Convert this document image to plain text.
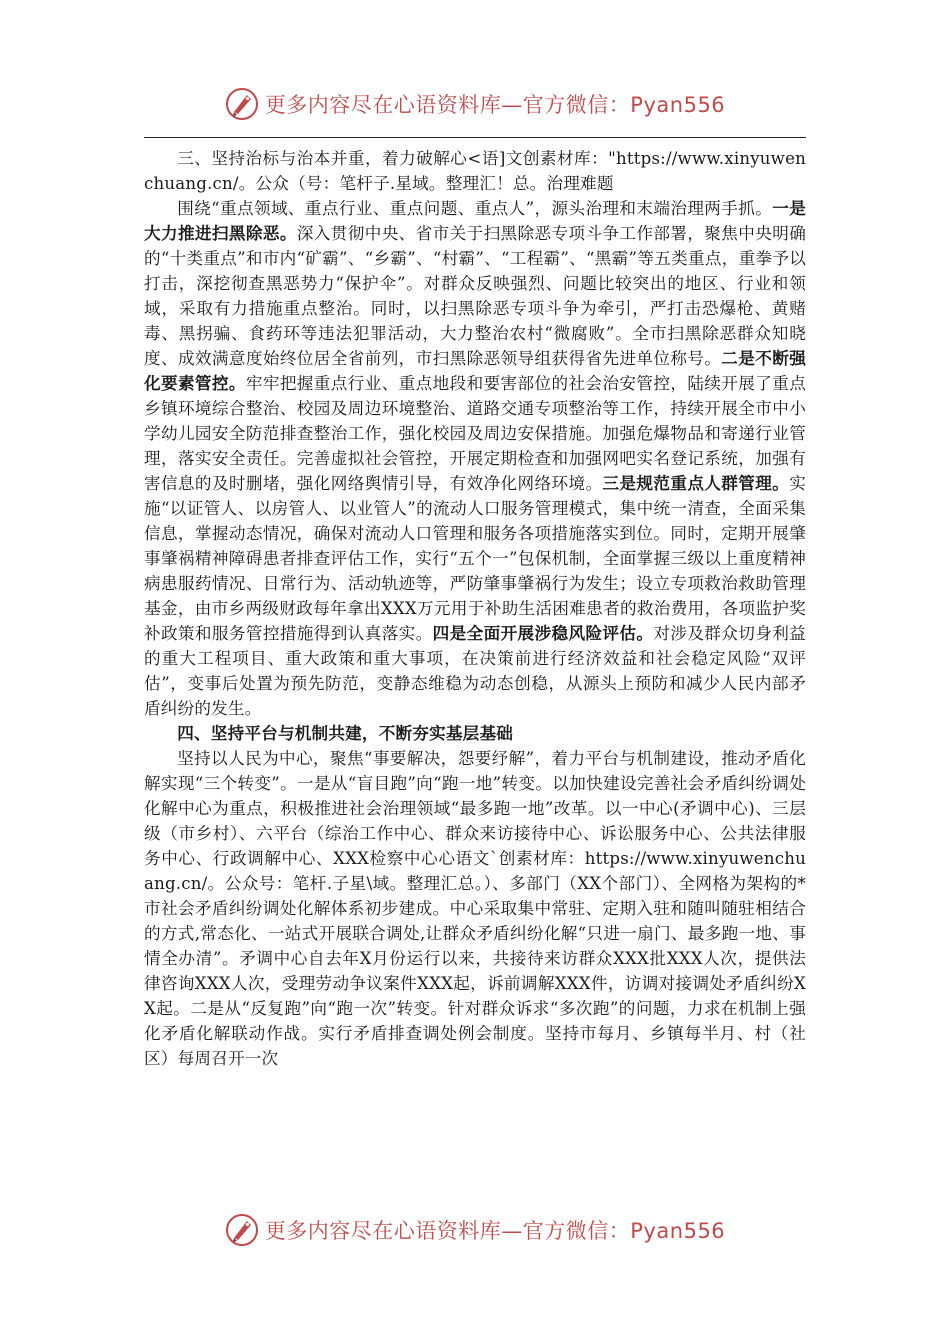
更多内容尽在心语资料库—官方微信：Pyan556

三、坚持治标与治本并重，着力破解心<语]文创素材库："https://www.xinyuwenchuang.cn/。公众（号：笔杆子.星域。整理汇！总。治理难题

围绕“重点领域、重点行业、重点问题、重点人”，源头治理和末端治理两手抓。一是大力推进扫黑除恶。深入贯彻中央、省市关于扫黑除恶专项斗争工作部署，聚焦中央明确的“十类重点”和市内“矿霸”、“乡霸”、“村霸”、“工程霸”、“黑霸”等五类重点，重拳予以打击，深挖彻查黑恶势力“保护伞”。对群众反映强烈、问题比较突出的地区、行业和领域，采取有力措施重点整治。同时，以扫黑除恶专项斗争为牵引，严打击恐爆枪、黄赌毒、黑拐骗、食药环等违法犯罪活动，大力整治农村“微腐败”。全市扫黑除恶群众知晓度、成效满意度始终位居全省前列，市扫黑除恶领导组获得省先进单位称号。二是不断强化要素管控。牢牢把握重点行业、重点地段和要害部位的社会治安管控，陆续开展了重点乡镇环境综合整治、校园及周边环境整治、道路交通专项整治等工作，持续开展全市中小学幼儿园安全防范排查整治工作，强化校园及周边安保措施。加强危爆物品和寄递行业管理，落实安全责任。完善虚拟社会管控，开展定期检查和加强网吧实名登记系统，加强有害信息的及时删堵，强化网络舆情引导，有效净化网络环境。三是规范重点人群管理。实施“以证管人、以房管人、以业管人”的流动人口服务管理模式，集中统一清查，全面采集信息，掌握动态情况，确保对流动人口管理和服务各项措施落实到位。同时，定期开展肇事肇祸精神障碍患者排查评估工作，实行“五个一”包保机制，全面掌握三级以上重度精神病患服药情况、日常行为、活动轨迹等，严防肇事肇祸行为发生；设立专项救治救助管理基金，由市乡两级财政每年拿出XXX万元用于补助生活困难患者的救治费用，各项监护奖补政策和服务管控措施得到认真落实。四是全面开展涉稳风险评估。对涉及群众切身利益的重大工程项目、重大政策和重大事项，在决策前进行经济效益和社会稳定风险“双评估”，变事后处置为预先防范，变静态维稳为动态创稳，从源头上预防和减少人民内部矛盾纠纷的发生。

四、坚持平台与机制共建，不断夯实基层基础

坚持以人民为中心，聚焦“事要解决，怨要纾解”，着力平台与机制建设，推动矛盾化解实现“三个转变”。一是从“盲目跑”向“跑一地”转变。以加快建设完善社会矛盾纠纷调处化解中心为重点，积极推进社会治理领域“最多跑一地”改革。以一中心(矛调中心)、三层级（市乡村）、六平台（综治工作中心、群众来访接待中心、诉讼服务中心、公共法律服务中心、行政调解中心、XXX检察中心心语文`创素材库：https://www.xinyuwenchuang.cn/。公众号：笔杆.子星\域。整理汇总。）、多部门（XX个部门）、全网格为架构的*市社会矛盾纠纷调处化解体系初步建成。中心采取集中常驻、定期入驻和随叫随驻相结合的方式,常态化、一站式开展联合调处,让群众矛盾纠纷化解“只进一扇门、最多跑一地、事情全办清”。矛调中心自去年X月份运行以来，共接待来访群众XXX批XXX人次，提供法律咨询XXX人次，受理劳动争议案件XXX起，诉前调解XXX件，访调对接调处矛盾纠纷XX起。二是从“反复跑”向“跑一次”转变。针对群众诉求“多次跑”的问题，力求在机制上强化矛盾化解联动作战。实行矛盾排查调处例会制度。坚持市每月、乡镇每半月、村（社区）每周召开一次

更多内容尽在心语资料库—官方微信：Pyan556
